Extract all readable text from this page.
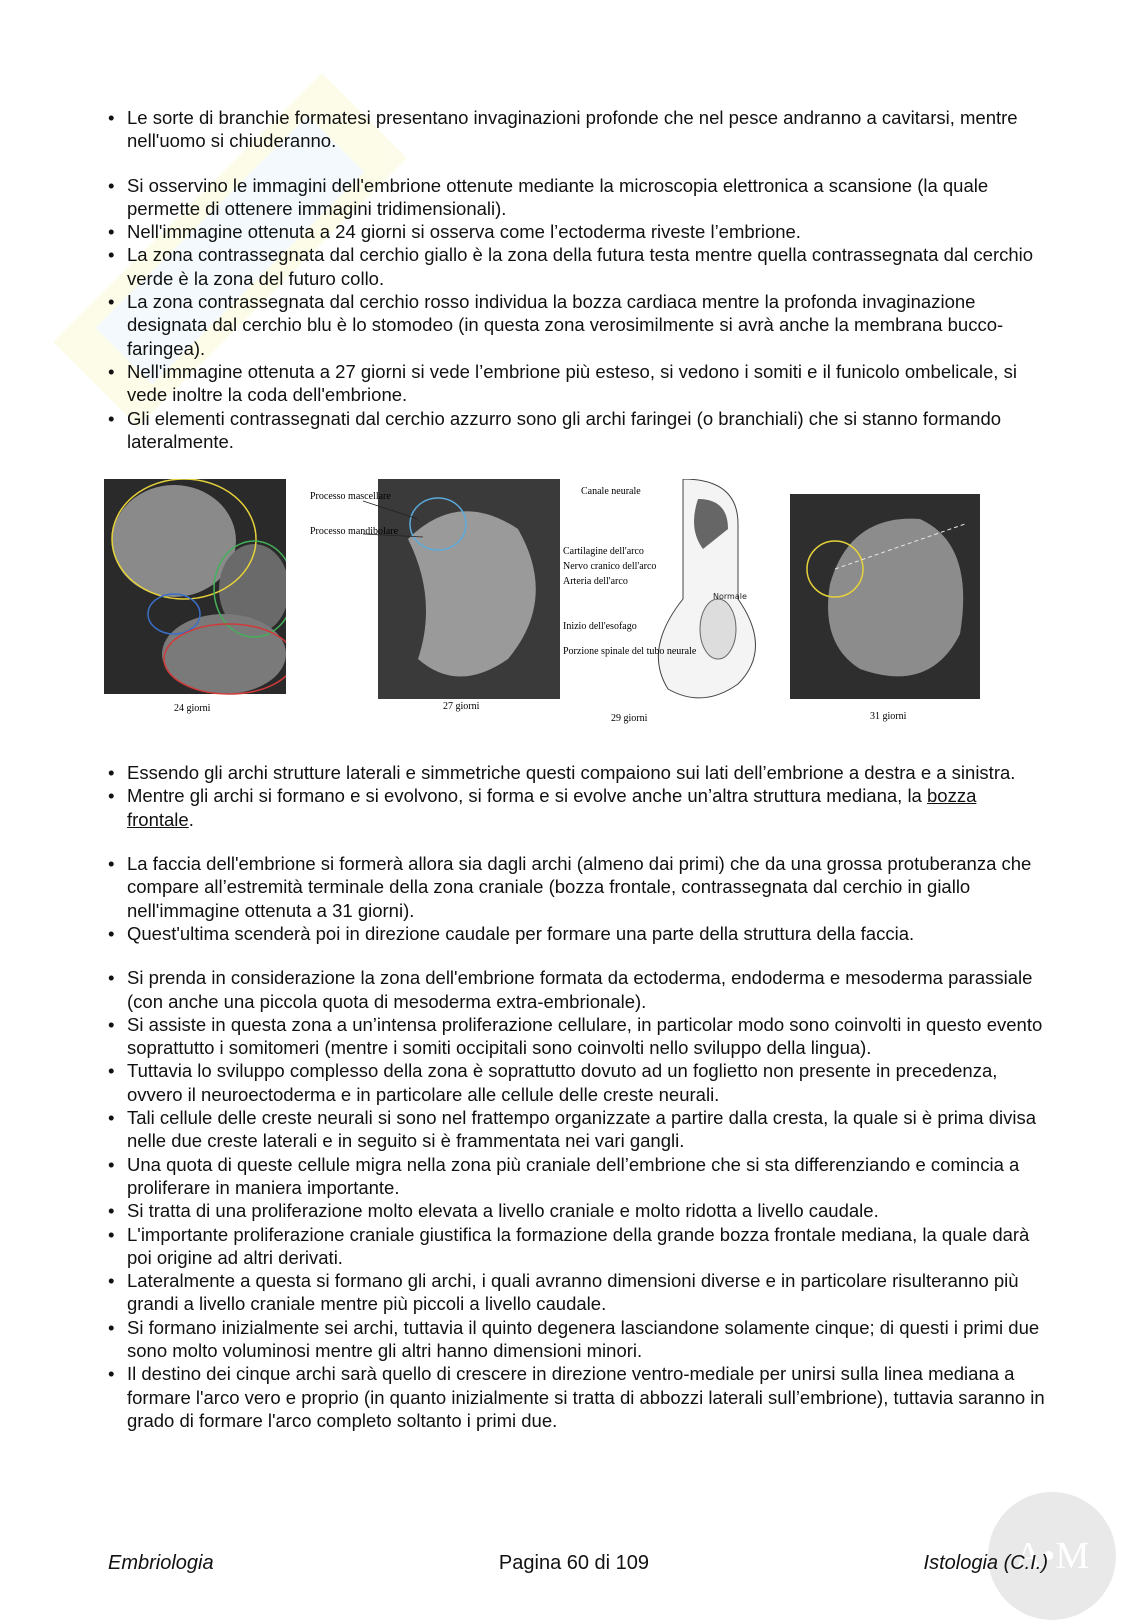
• Le sorte di branchie formatesi presentano invaginazioni profonde che nel pesce andranno a cavitarsi, mentre nell'uomo si chiuderanno.
• Si osservino le immagini dell'embrione ottenute mediante la microscopia elettronica a scansione (la quale permette di ottenere immagini tridimensionali).
• Nell'immagine ottenuta a 24 giorni si osserva come l’ectoderma riveste l’embrione.
• La zona contrassegnata dal cerchio giallo è la zona della futura testa mentre quella contrassegnata dal cerchio verde è la zona del futuro collo.
• La zona contrassegnata dal cerchio rosso individua la bozza cardiaca mentre la profonda invaginazione designata dal cerchio blu è lo stomodeo (in questa zona verosimilmente si avrà anche la membrana bucco-faringea).
• Nell'immagine ottenuta a 27 giorni si vede l’embrione più esteso, si vedono i somiti e il funicolo ombelicale, si vede inoltre la coda dell'embrione.
• Gli elementi contrassegnati dal cerchio azzurro sono gli archi faringei (o branchiali) che si stanno formando lateralmente.
24 giorni
Processo mascellare
Processo mandibolare
27 giorni
Normale
Canale neurale
Cartilagine dell'arco
Nervo cranico dell'arco
Arteria dell'arco
Inizio dell'esofago
Porzione spinale del tubo neurale
29 giorni	31 giorni
• Essendo gli archi strutture laterali e simmetriche questi compaiono sui lati dell’embrione a destra e a sinistra.
• Mentre gli archi si formano e si evolvono, si forma e si evolve anche un’altra struttura mediana, la bozza frontale.
• La faccia dell'embrione si formerà allora sia dagli archi (almeno dai primi) che da una grossa protuberanza che compare all’estremità terminale della zona craniale (bozza frontale, contrassegnata dal cerchio in giallo nell'immagine ottenuta a 31 giorni).
• Quest'ultima scenderà poi in direzione caudale per formare una parte della struttura della faccia.
• Si prenda in considerazione la zona dell'embrione formata da ectoderma, endoderma e mesoderma parassiale (con anche una piccola quota di mesoderma extra-embrionale).
• Si assiste in questa zona a un’intensa proliferazione cellulare, in particolar modo sono coinvolti in questo evento soprattutto i somitomeri (mentre i somiti occipitali sono coinvolti nello sviluppo della lingua).
• Tuttavia lo sviluppo complesso della zona è soprattutto dovuto ad un foglietto non presente in precedenza, ovvero il neuroectoderma e in particolare alle cellule delle creste neurali.
• Tali cellule delle creste neurali si sono nel frattempo organizzate a partire dalla cresta, la quale si è prima divisa nelle due creste laterali e in seguito si è frammentata nei vari gangli.
• Una quota di queste cellule migra nella zona più craniale dell’embrione che si sta differenziando e comincia a proliferare in maniera importante.
• Si tratta di una proliferazione molto elevata a livello craniale e molto ridotta a livello caudale.
• L'importante proliferazione craniale giustifica la formazione della grande bozza frontale mediana, la quale darà poi origine ad altri derivati.
• Lateralmente a questa si formano gli archi, i quali avranno dimensioni diverse e in particolare risulteranno più grandi a livello craniale mentre più piccoli a livello caudale.
• Si formano inizialmente sei archi, tuttavia il quinto degenera lasciandone solamente cinque; di questi i primi due sono molto voluminosi mentre gli altri hanno dimensioni minori.
• Il destino dei cinque archi sarà quello di crescere in direzione ventro-mediale per unirsi sulla linea mediana a formare l'arco vero e proprio (in quanto inizialmente si tratta di abbozzi laterali sull’embrione), tuttavia saranno in grado di formare l'arco completo soltanto i primi due.
A•M
Embriologia	Pagina 60 di 109	Istologia (C.I.)
